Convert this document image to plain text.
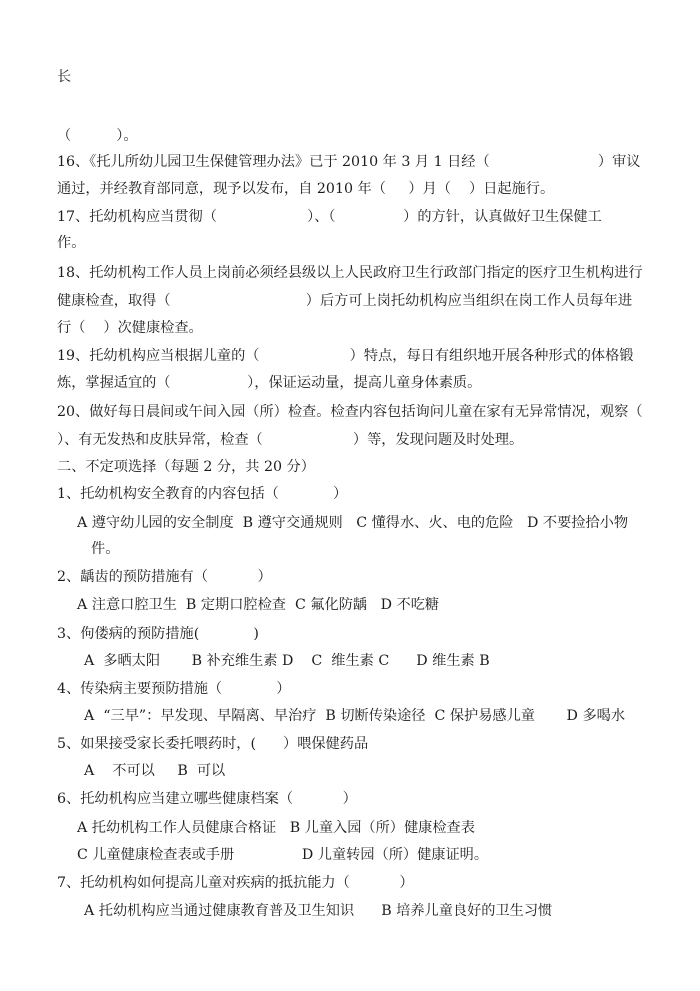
长
（          ）。
16、《托儿所幼儿园卫生保健管理办法》已于 2010 年 3 月 1 日经（                        ）审议
通过，并经教育部同意，现予以发布，自 2010 年（     ）月（    ）日起施行。
17、托幼机构应当贯彻（                    ）、（               ）的方针，认真做好卫生保健工
作。
18、托幼机构工作人员上岗前必须经县级以上人民政府卫生行政部门指定的医疗卫生机构进行
健康检查，取得（                              ）后方可上岗托幼机构应当组织在岗工作人员每年进
行（    ）次健康检查。
19、托幼机构应当根据儿童的（                    ）特点，每日有组织地开展各种形式的体格锻
炼，掌握适宜的（                 ），保证运动量，提高儿童身体素质。
20、做好每日晨间或午间入园（所）检查。检查内容包括询问儿童在家有无异常情况，观察（
）、有无发热和皮肤异常，检查（                    ）等，发现问题及时处理。
二、不定项选择（每题 2 分，共 20 分）
1、托幼机构安全教育的内容包括（            ）
A 遵守幼儿园的安全制度  B 遵守交通规则   C 懂得水、火、电的危险   D 不要捡拾小物
件。
2、龋齿的预防措施有（           ）
A 注意口腔卫生  B 定期口腔检查  C 氟化防龋   D 不吃糖
3、佝偻病的预防措施(            )
A  多晒太阳       B 补充维生素 D    C  维生素 C      D 维生素 B
4、传染病主要预防措施（            ）
A  “三早”：早发现、早隔离、早治疗  B 切断传染途径  C 保护易感儿童       D 多喝水
5、如果接受家长委托喂药时，(      ）喂保健药品
A    不可以     B  可以
6、托幼机构应当建立哪些健康档案（           ）
A 托幼机构工作人员健康合格证   B 儿童入园（所）健康检查表
C 儿童健康检查表或手册               D 儿童转园（所）健康证明。
7、托幼机构如何提高儿童对疾病的抵抗能力（           ）
A 托幼机构应当通过健康教育普及卫生知识      B 培养儿童良好的卫生习惯
